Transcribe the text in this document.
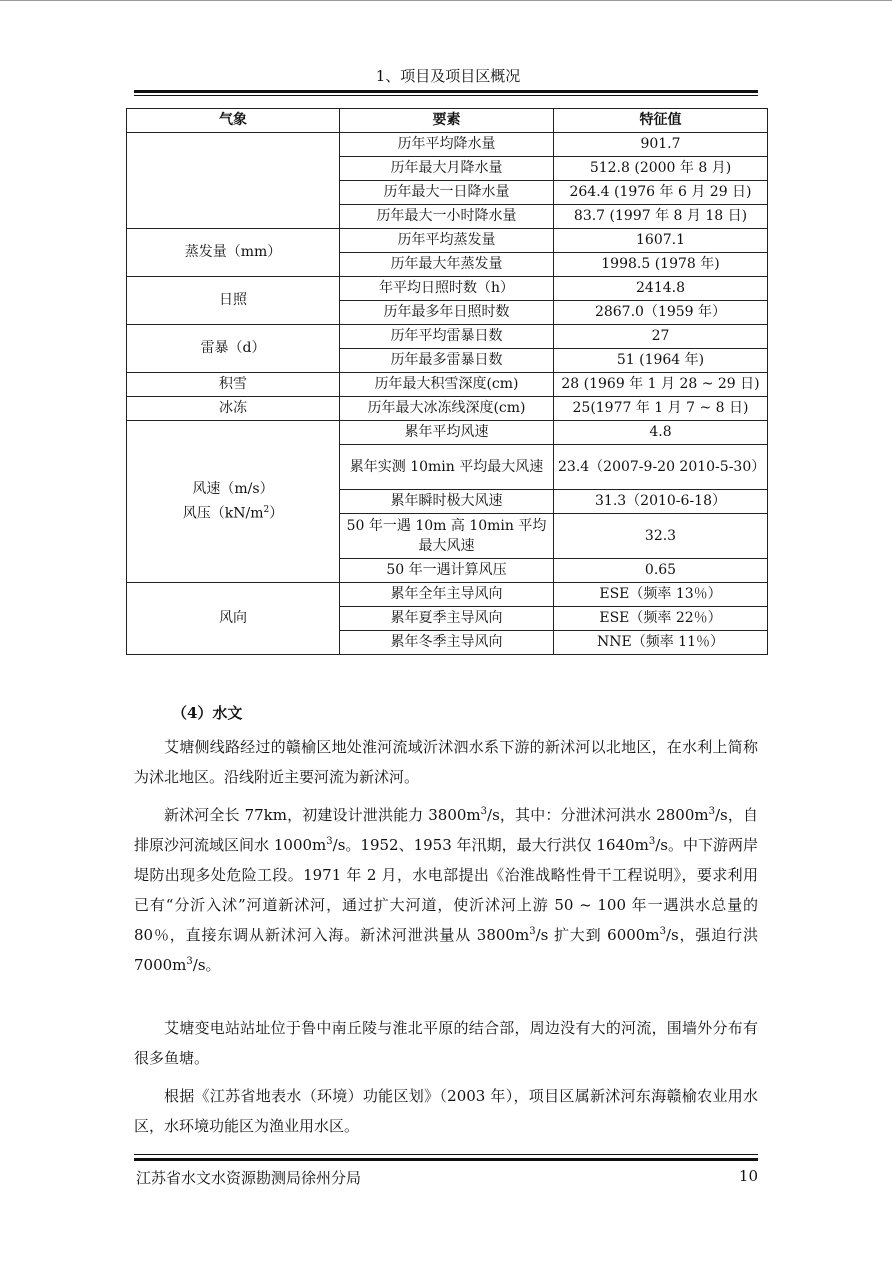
1、项目及项目区概况
气象	要素	特征值
	历年平均降水量	901.7
	历年最大月降水量	512.8 (2000 年 8 月)
	历年最大一日降水量	264.4 (1976 年 6 月 29 日)
	历年最大一小时降水量	83.7 (1997 年 8 月 18 日)
蒸发量（mm）	历年平均蒸发量	1607.1
	历年最大年蒸发量	1998.5 (1978 年)
日照	年平均日照时数（h）	2414.8
	历年最多年日照时数	2867.0（1959 年）
雷暴（d）	历年平均雷暴日数	27
	历年最多雷暴日数	51 (1964 年)
积雪	历年最大积雪深度(cm)	28 (1969 年 1 月 28 ~ 29 日)
冰冻	历年最大冰冻线深度(cm)	25(1977 年 1 月 7 ~ 8 日)

风速（m/s）
风压$(kN/m^2)$	累年平均风速	4.8
	累年实测 10min 平均最大风速	23.4（2007-9-20 2010-5-30）
	累年瞬时极大风速	31.3（2010-6-18）
	50 年一遇 10m 高 10min 平均最大风速	32.3
	50 年一遇计算风压	0.65
风向	累年全年主导风向	ESE（频率 13％）
	累年夏季主导风向	ESE（频率 22％）
	累年冬季主导风向	NNE（频率 11％）
（4）水文

艾塘侧线路经过的赣榆区地处淮河流域沂沭泗水系下游的新沭河以北地区，在水利上简称为沭北地区。沿线附近主要河流为新沭河。

新沭河全长 77km，初建设计泄洪能力 $3800m^3/s$，其中：分泄沭河洪水 $2800m^3/s$，自排原沙河流域区间水 $1000m^3/s$。1952、1953 年汛期，最大行洪仅 $1640m^3/s$。中下游两岸堤防出现多处危险工段。1971 年 2 月，水电部提出《治淮战略性骨干工程说明》，要求利用已有“分沂入沭”河道新沭河，通过扩大河道，使沂沭河上游 50 ~ 100 年一遇洪水总量的 80％，直接东调从新沭河入海。新沭河泄洪量从 $3800m^3/s$ 扩大到 $6000m^3/s$，强迫行洪 $7000m^3/s$。

艾塘变电站站址位于鲁中南丘陵与淮北平原的结合部，周边没有大的河流，围墙外分布有很多鱼塘。

根据《江苏省地表水（环境）功能区划》（2003 年），项目区属新沭河东海赣榆农业用水区，水环境功能区为渔业用水区。

江苏省水文水资源勘测局徐州分局	10
